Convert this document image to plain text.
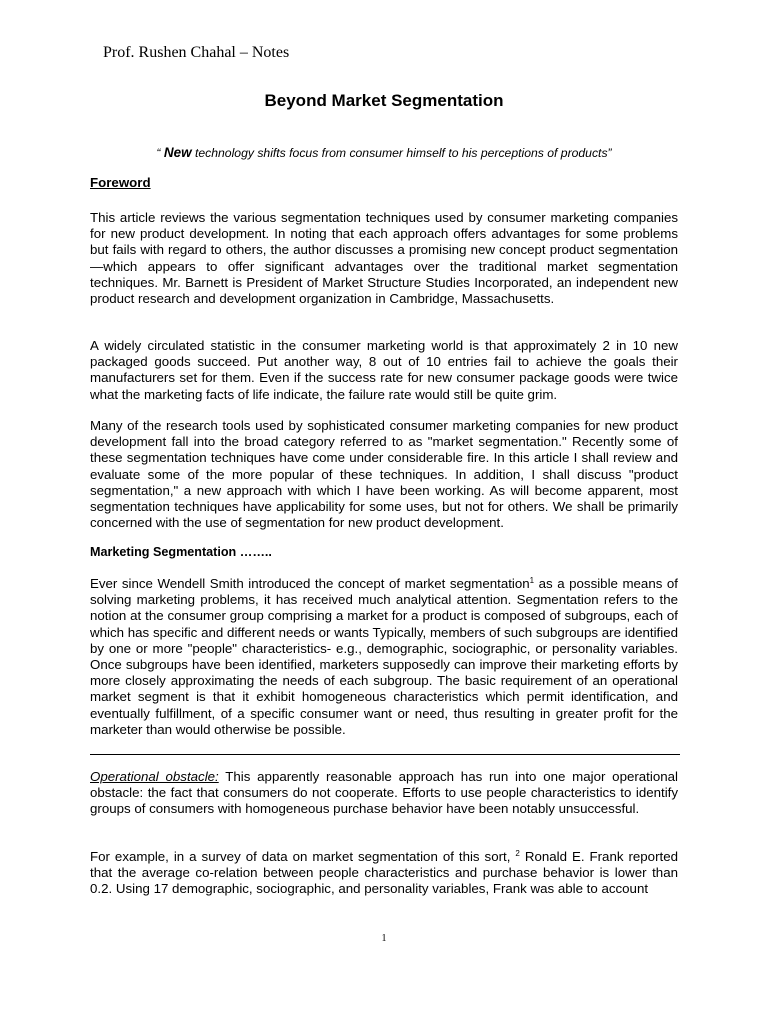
Prof. Rushen Chahal – Notes
Beyond Market Segmentation
“ New technology shifts focus from consumer himself to his perceptions of products”
Foreword

This article reviews the various segmentation techniques used by consumer marketing companies for new product development. In noting that each approach offers advantages for some problems but fails with regard to others, the author discusses a promising new concept product segmentation—which appears to offer significant advantages over the traditional market segmentation techniques. Mr. Barnett is President of Market Structure Studies Incorporated, an independent new product research and development organization in Cambridge, Massachusetts.

A widely circulated statistic in the consumer marketing world is that approximately 2 in 10 new packaged goods succeed. Put another way, 8 out of 10 entries fail to achieve the goals their manufacturers set for them. Even if the success rate for new consumer package goods were twice what the marketing facts of life indicate, the failure rate would still be quite grim.

Many of the research tools used by sophisticated consumer marketing companies for new product development fall into the broad category referred to as "market segmentation." Recently some of these segmentation techniques have come under considerable fire. In this article I shall review and evaluate some of the more popular of these techniques. In addition, I shall discuss "product segmentation," a new approach with which I have been working. As will become apparent, most segmentation techniques have applicability for some uses, but not for others. We shall be primarily concerned with the use of segmentation for new product development.

Marketing Segmentation ……..

Ever since Wendell Smith introduced the concept of market segmentation$^1$ as a possible means of solving marketing problems, it has received much analytical attention. Segmentation refers to the notion at the consumer group comprising a market for a product is composed of subgroups, each of which has specific and different needs or wants Typically, members of such subgroups are identified by one or more "people" characteristics- e.g., demographic, sociographic, or personality variables. Once subgroups have been identified, marketers supposedly can improve their marketing efforts by more closely approximating the needs of each subgroup. The basic requirement of an operational market segment is that it exhibit homogeneous characteristics which permit identification, and eventually fulfillment, of a specific consumer want or need, thus resulting in greater profit for the marketer than would otherwise be possible.

Operational obstacle: This apparently reasonable approach has run into one major operational obstacle: the fact that consumers do not cooperate. Efforts to use people characteristics to identify groups of consumers with homogeneous purchase behavior have been notably unsuccessful.

For example, in a survey of data on market segmentation of this sort, $^2$ Ronald E. Frank reported that the average co-relation between people characteristics and purchase behavior is lower than 0.2. Using 17 demographic, sociographic, and personality variables, Frank was able to account

1
